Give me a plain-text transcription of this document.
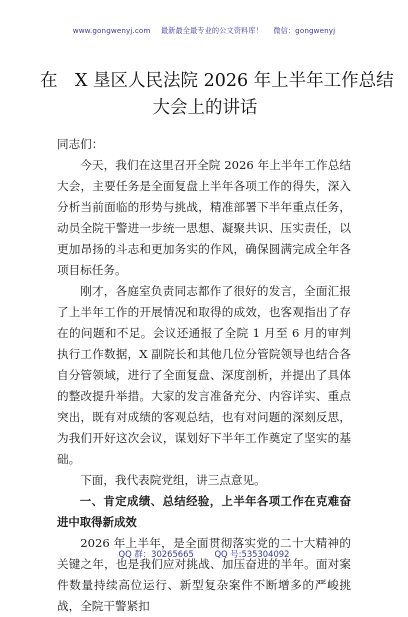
www.gongwenyj.com 最新最全最专业的公文资料库！ 微信：gongwenyj
在　X 垦区人民法院 2026 年上半年工作总结
大会上的讲话

同志们：

今天，我们在这里召开全院 2026 年上半年工作总结大会，主要任务是全面复盘上半年各项工作的得失，深入分析当前面临的形势与挑战，精准部署下半年重点任务，动员全院干警进一步统一思想、凝聚共识、压实责任，以更加昂扬的斗志和更加务实的作风，确保圆满完成全年各项目标任务。

刚才，各庭室负责同志都作了很好的发言，全面汇报了上半年工作的开展情况和取得的成效，也客观指出了存在的问题和不足。会议还通报了全院 1 月至 6 月的审判执行工作数据，X 副院长和其他几位分管院领导也结合各自分管领域，进行了全面复盘、深度剖析，并提出了具体的整改提升举措。大家的发言准备充分、内容详实、重点突出，既有对成绩的客观总结，也有对问题的深刻反思，为我们开好这次会议，谋划好下半年工作奠定了坚实的基础。

下面，我代表院党组，讲三点意见。

一、肯定成绩、总结经验，上半年各项工作在克难奋进中取得新成效

2026 年上半年，是全面贯彻落实党的二十大精神的关键之年，也是我们应对挑战、加压奋进的半年。面对案件数量持续高位运行、新型复杂案件不断增多的严峻挑战，全院干警紧扣

QQ 群：30265665 QQ 号:535304092
